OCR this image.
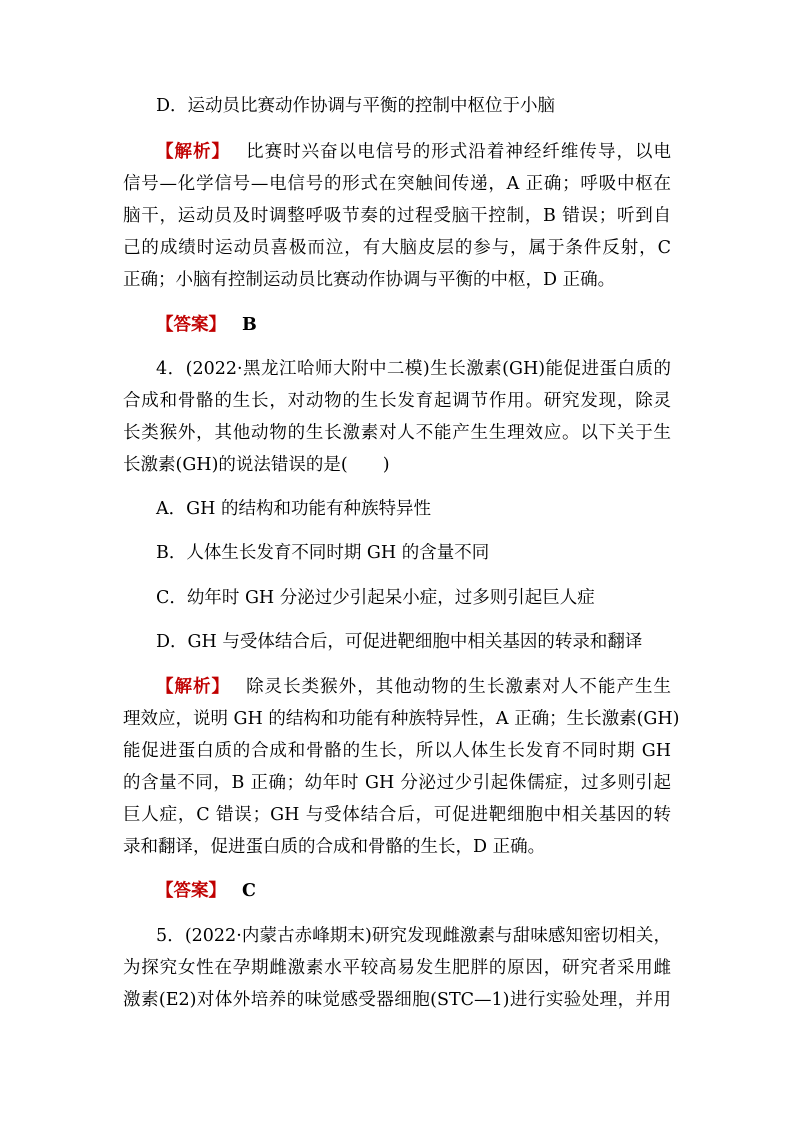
D．运动员比赛动作协调与平衡的控制中枢位于小脑
【解析】 比赛时兴奋以电信号的形式沿着神经纤维传导，以电
信号—化学信号—电信号的形式在突触间传递，A 正确；呼吸中枢在
脑干，运动员及时调整呼吸节奏的过程受脑干控制，B 错误；听到自
己的成绩时运动员喜极而泣，有大脑皮层的参与，属于条件反射，C
正确；小脑有控制运动员比赛动作协调与平衡的中枢，D 正确。
【答案】 B
4．(2022·黑龙江哈师大附中二模)生长激素(GH)能促进蛋白质的
合成和骨骼的生长，对动物的生长发育起调节作用。研究发现，除灵
长类猴外，其他动物的生长激素对人不能产生生理效应。以下关于生
长激素(GH)的说法错误的是(　　)
A．GH 的结构和功能有种族特异性
B．人体生长发育不同时期 GH 的含量不同
C．幼年时 GH 分泌过少引起呆小症，过多则引起巨人症
D．GH 与受体结合后，可促进靶细胞中相关基因的转录和翻译
【解析】 除灵长类猴外，其他动物的生长激素对人不能产生生
理效应，说明 GH 的结构和功能有种族特异性，A 正确；生长激素(GH)
能促进蛋白质的合成和骨骼的生长，所以人体生长发育不同时期 GH
的含量不同，B 正确；幼年时 GH 分泌过少引起侏儒症，过多则引起
巨人症，C 错误；GH 与受体结合后，可促进靶细胞中相关基因的转
录和翻译，促进蛋白质的合成和骨骼的生长，D 正确。
【答案】 C
5．(2022·内蒙古赤峰期末)研究发现雌激素与甜味感知密切相关，
为探究女性在孕期雌激素水平较高易发生肥胖的原因，研究者采用雌
激素(E2)对体外培养的味觉感受器细胞(STC—1)进行实验处理，并用
